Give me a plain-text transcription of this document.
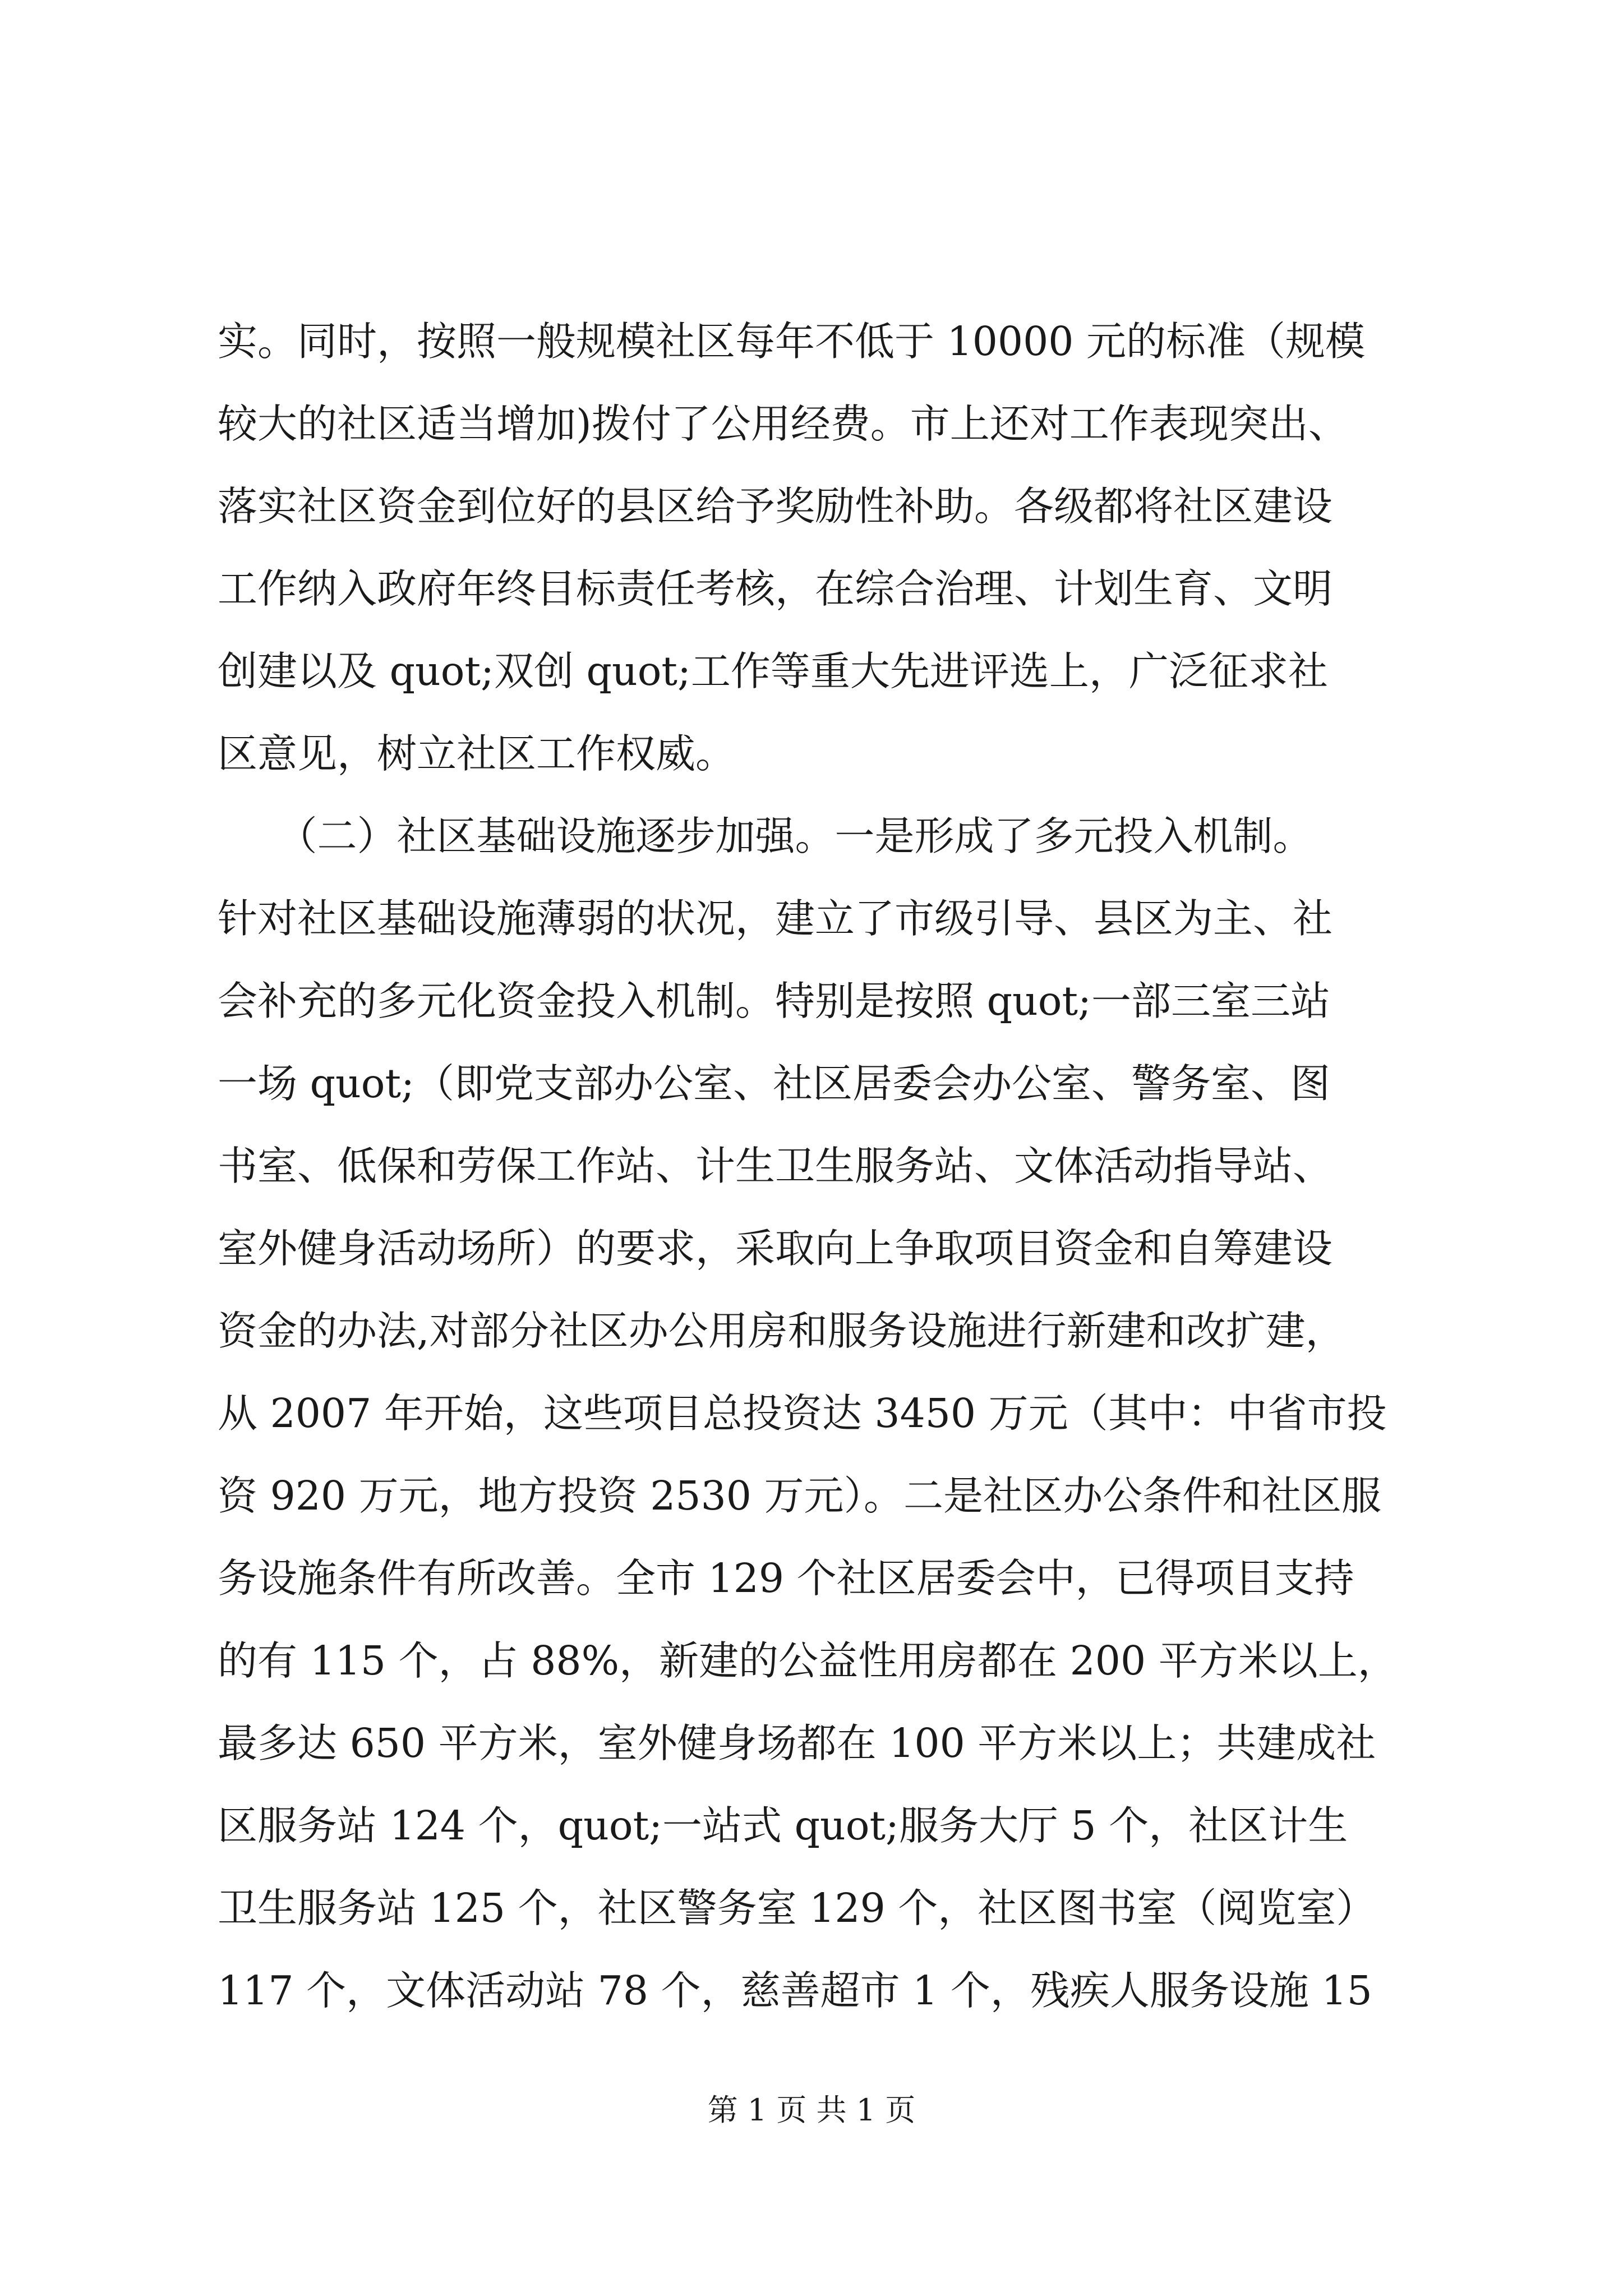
实。同时，按照一般规模社区每年不低于 10000 元的标准（规模
较大的社区适当增加)拨付了公用经费。市上还对工作表现突出、
落实社区资金到位好的县区给予奖励性补助。各级都将社区建设
工作纳入政府年终目标责任考核，在综合治理、计划生育、文明
创建以及 quot;双创 quot;工作等重大先进评选上，广泛征求社
区意见，树立社区工作权威。
　　（二）社区基础设施逐步加强。一是形成了多元投入机制。
针对社区基础设施薄弱的状况，建立了市级引导、县区为主、社
会补充的多元化资金投入机制。特别是按照 quot;一部三室三站
一场 quot;（即党支部办公室、社区居委会办公室、警务室、图
书室、低保和劳保工作站、计生卫生服务站、文体活动指导站、
室外健身活动场所）的要求，采取向上争取项目资金和自筹建设
资金的办法,对部分社区办公用房和服务设施进行新建和改扩建，
从 2007 年开始，这些项目总投资达 3450 万元（其中：中省市投
资 920 万元，地方投资 2530 万元）。二是社区办公条件和社区服
务设施条件有所改善。全市 129 个社区居委会中，已得项目支持
的有 115 个，占 88%，新建的公益性用房都在 200 平方米以上，
最多达 650 平方米，室外健身场都在 100 平方米以上；共建成社
区服务站 124 个，quot;一站式 quot;服务大厅 5 个，社区计生
卫生服务站 125 个，社区警务室 129 个，社区图书室（阅览室）
117 个，文体活动站 78 个，慈善超市 1 个，残疾人服务设施 15
第 1 页 共 1 页
